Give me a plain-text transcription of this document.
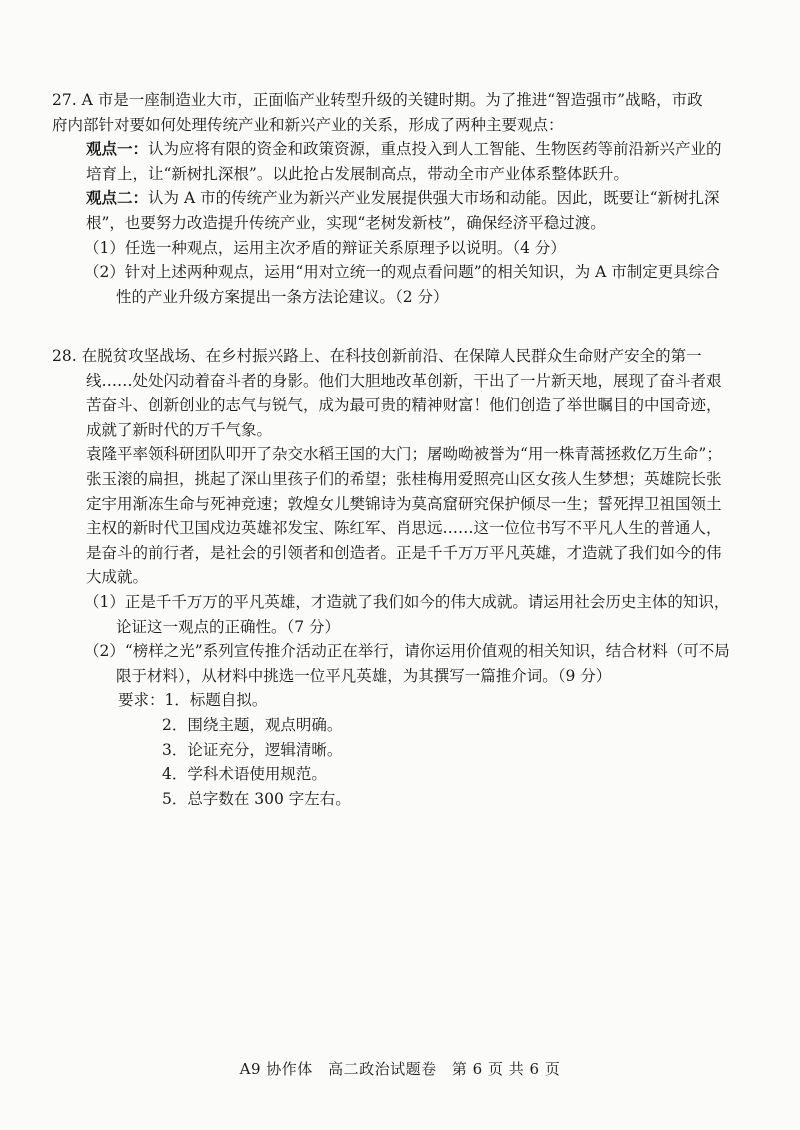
27. A 市是一座制造业大市，正面临产业转型升级的关键时期。为了推进“智造强市”战略，市政
府内部针对要如何处理传统产业和新兴产业的关系，形成了两种主要观点：
观点一：认为应将有限的资金和政策资源，重点投入到人工智能、生物医药等前沿新兴产业的
培育上，让“新树扎深根”。以此抢占发展制高点，带动全市产业体系整体跃升。
观点二：认为 A 市的传统产业为新兴产业发展提供强大市场和动能。因此，既要让“新树扎深
根”，也要努力改造提升传统产业，实现“老树发新枝”，确保经济平稳过渡。
（1）任选一种观点，运用主次矛盾的辩证关系原理予以说明。（4 分）
（2）针对上述两种观点，运用“用对立统一的观点看问题”的相关知识，为 A 市制定更具综合
性的产业升级方案提出一条方法论建议。（2 分）
28. 在脱贫攻坚战场、在乡村振兴路上、在科技创新前沿、在保障人民群众生命财产安全的第一
线……处处闪动着奋斗者的身影。他们大胆地改革创新，干出了一片新天地，展现了奋斗者艰
苦奋斗、创新创业的志气与锐气，成为最可贵的精神财富！他们创造了举世瞩目的中国奇迹，
成就了新时代的万千气象。
袁隆平率领科研团队叩开了杂交水稻王国的大门；屠呦呦被誉为“用一株青蒿拯救亿万生命”；
张玉滚的扁担，挑起了深山里孩子们的希望；张桂梅用爱照亮山区女孩人生梦想；英雄院长张
定宇用渐冻生命与死神竞速；敦煌女儿樊锦诗为莫高窟研究保护倾尽一生；誓死捍卫祖国领土
主权的新时代卫国戍边英雄祁发宝、陈红军、肖思远……这一位位书写不平凡人生的普通人，
是奋斗的前行者，是社会的引领者和创造者。正是千千万万平凡英雄，才造就了我们如今的伟
大成就。
（1）正是千千万万的平凡英雄，才造就了我们如今的伟大成就。请运用社会历史主体的知识，
论证这一观点的正确性。（7 分）
（2）“榜样之光”系列宣传推介活动正在举行，请你运用价值观的相关知识，结合材料（可不局
限于材料），从材料中挑选一位平凡英雄，为其撰写一篇推介词。（9 分）
要求：1．标题自拟。
2．围绕主题，观点明确。
3．论证充分，逻辑清晰。
4．学科术语使用规范。
5．总字数在 300 字左右。
A9 协作体 高二政治试题卷 第 6 页 共 6 页
